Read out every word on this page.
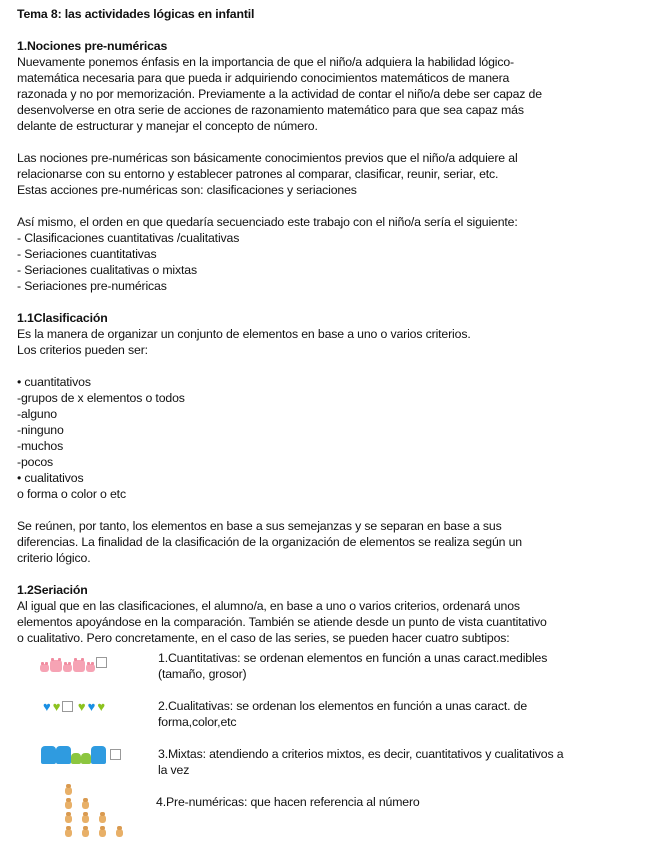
Tema 8: las actividades lógicas en infantil
1.Nociones pre-numéricas
Nuevamente ponemos énfasis en la importancia de que el niño/a adquiera la habilidad lógico-
matemática necesaria para que pueda ir adquiriendo conocimientos matemáticos de manera
razonada y no por memorización. Previamente a la actividad de contar el niño/a debe ser capaz de
desenvolverse en otra serie de acciones de razonamiento matemático para que sea capaz más
delante de estructurar y manejar el concepto de número.
Las nociones pre-numéricas son básicamente conocimientos previos que el niño/a adquiere al
relacionarse con su entorno y establecer patrones al comparar, clasificar, reunir, seriar, etc.
Estas acciones pre-numéricas son: clasificaciones y seriaciones
Así mismo, el orden en que quedaría secuenciado este trabajo con el niño/a sería el siguiente:
- Clasificaciones cuantitativas /cualitativas
- Seriaciones cuantitativas
- Seriaciones cualitativas o mixtas
- Seriaciones pre-numéricas
1.1Clasificación
Es la manera de organizar un conjunto de elementos en base a uno o varios criterios.
Los criterios pueden ser:
• cuantitativos
-grupos de x elementos o todos
-alguno
-ninguno
-muchos
-pocos
• cualitativos
o forma o color o etc
Se reúnen, por tanto, los elementos en base a sus semejanzas y se separan en base a sus
diferencias. La finalidad de la clasificación de la organización de elementos se realiza según un
criterio lógico.
1.2Seriación
Al igual que en las clasificaciones, el alumno/a, en base a uno o varios criterios, ordenará unos
elementos apoyándose en la comparación. También se atiende desde un punto de vista cuantitativo
o cualitativo. Pero concretamente, en el caso de las series, se pueden hacer cuatro subtipos:
1.Cuantitativas: se ordenan elementos en función a unas caract.medibles
(tamaño, grosor)
♥ ♥ ♥ ♥ ♥	2.Cualitativas: se ordenan los elementos en función a unas caract. de
forma,color,etc

3.Mixtas: atendiendo a criterios mixtos, es decir, cuantitativos y cualitativos a
la vez
4.Pre-numéricas: que hacen referencia al número
